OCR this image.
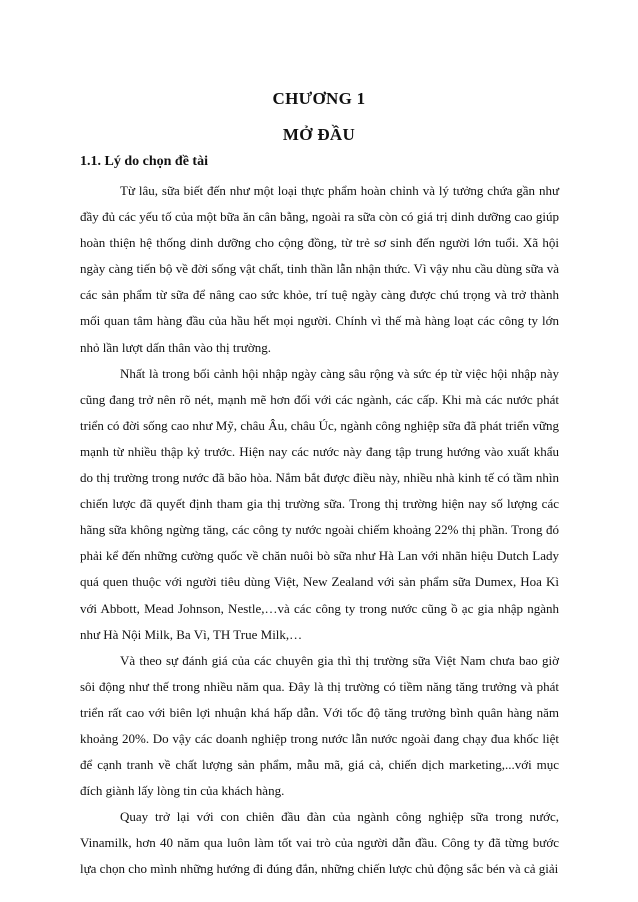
CHƯƠNG 1
MỞ ĐẦU
1.1. Lý do chọn đề tài

Từ lâu, sữa biết đến như một loại thực phẩm hoàn chỉnh và lý tưởng chứa gần như đầy đủ các yếu tố của một bữa ăn cân bằng, ngoài ra sữa còn có giá trị dinh dưỡng cao giúp hoàn thiện hệ thống dinh dưỡng cho cộng đồng, từ trẻ sơ sinh đến người lớn tuổi. Xã hội ngày càng tiến bộ về đời sống vật chất, tinh thần lẫn nhận thức. Vì vậy nhu cầu dùng sữa và các sản phẩm từ sữa để nâng cao sức khỏe, trí tuệ ngày càng được chú trọng và trở thành mối quan tâm hàng đầu của hầu hết mọi người. Chính vì thế mà hàng loạt các công ty lớn nhỏ lần lượt dấn thân vào thị trường.

Nhất là trong bối cảnh hội nhập ngày càng sâu rộng và sức ép từ việc hội nhập này cũng đang trở nên rõ nét, mạnh mẽ hơn đối với các ngành, các cấp. Khi mà các nước phát triển có đời sống cao như Mỹ, châu Âu, châu Úc, ngành công nghiệp sữa đã phát triển vững mạnh từ nhiều thập kỷ trước. Hiện nay các nước này đang tập trung hướng vào xuất khẩu do thị trường trong nước đã bão hòa. Nắm bắt được điều này, nhiều nhà kinh tế có tầm nhìn chiến lược đã quyết định tham gia thị trường sữa. Trong thị trường hiện nay số lượng các hãng sữa không ngừng tăng, các công ty nước ngoài chiếm khoảng 22% thị phần. Trong đó phải kể đến những cường quốc về chăn nuôi bò sữa như Hà Lan với nhãn hiệu Dutch Lady quá quen thuộc với người tiêu dùng Việt, New Zealand với sản phẩm sữa Dumex, Hoa Kì với Abbott, Mead Johnson, Nestle,…và các công ty trong nước cũng ồ ạc gia nhập ngành như Hà Nội Milk, Ba Vì, TH True Milk,…

Và theo sự đánh giá của các chuyên gia thì thị trường sữa Việt Nam chưa bao giờ sôi động như thế trong nhiều năm qua. Đây là thị trường có tiềm năng tăng trưởng và phát triển rất cao với biên lợi nhuận khá hấp dẫn. Với tốc độ tăng trưởng bình quân hàng năm khoảng 20%. Do vậy các doanh nghiệp trong nước lẫn nước ngoài đang chạy đua khốc liệt để cạnh tranh về chất lượng sản phẩm, mẫu mã, giá cả, chiến dịch marketing,...với mục đích giành lấy lòng tin của khách hàng.

Quay trở lại với con chiên đầu đàn của ngành công nghiệp sữa trong nước, Vinamilk, hơn 40 năm qua luôn làm tốt vai trò của người dẫn đầu. Công ty đã từng bước lựa chọn cho mình những hướng đi đúng đắn, những chiến lược chủ động sắc bén và cả giải
